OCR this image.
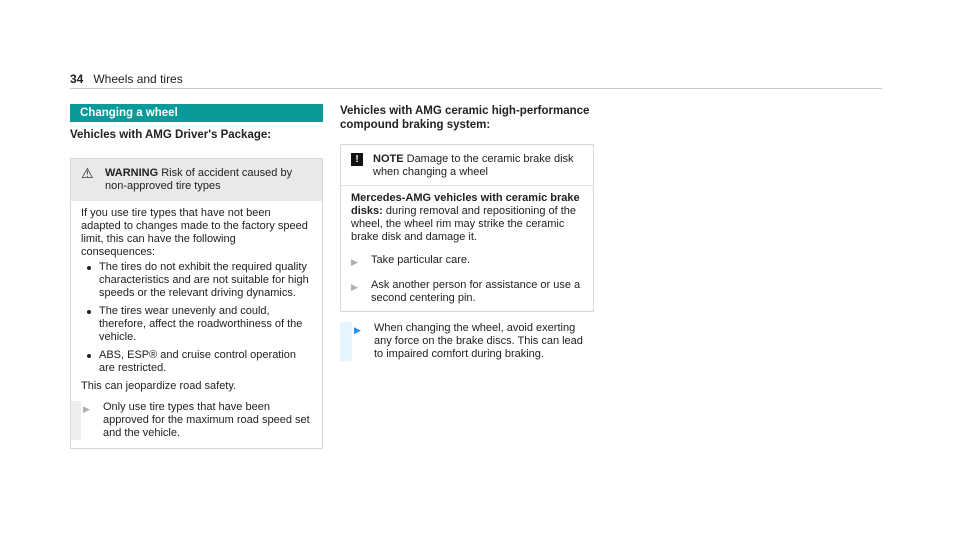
34 Wheels and tires
Changing a wheel
Vehicles with AMG Driver's Package:
⚠	WARNING Risk of accident caused by non-approved tire types

If you use tire types that have not been adapted to changes made to the factory speed limit, this can have the following consequences:

The tires do not exhibit the required quality characteristics and are not suitable for high speeds or the relevant driving dynamics.
The tires wear unevenly and could, therefore, affect the roadworthiness of the vehicle.
ABS, ESP® and cruise control operation are restricted.

This can jeopardize road safety.

▶	Only use tire types that have been approved for the maximum road speed set and the vehicle.
Vehicles with AMG ceramic high-performance compound braking system:
!	NOTE Damage to the ceramic brake disk when changing a wheel

Mercedes-AMG vehicles with ceramic brake disks: during removal and repositioning of the wheel, the wheel rim may strike the ceramic brake disk and damage it.

▶	Take particular care.
▶	Ask another person for assistance or use a second centering pin.
▶	When changing the wheel, avoid exerting any force on the brake discs. This can lead to impaired comfort during braking.
